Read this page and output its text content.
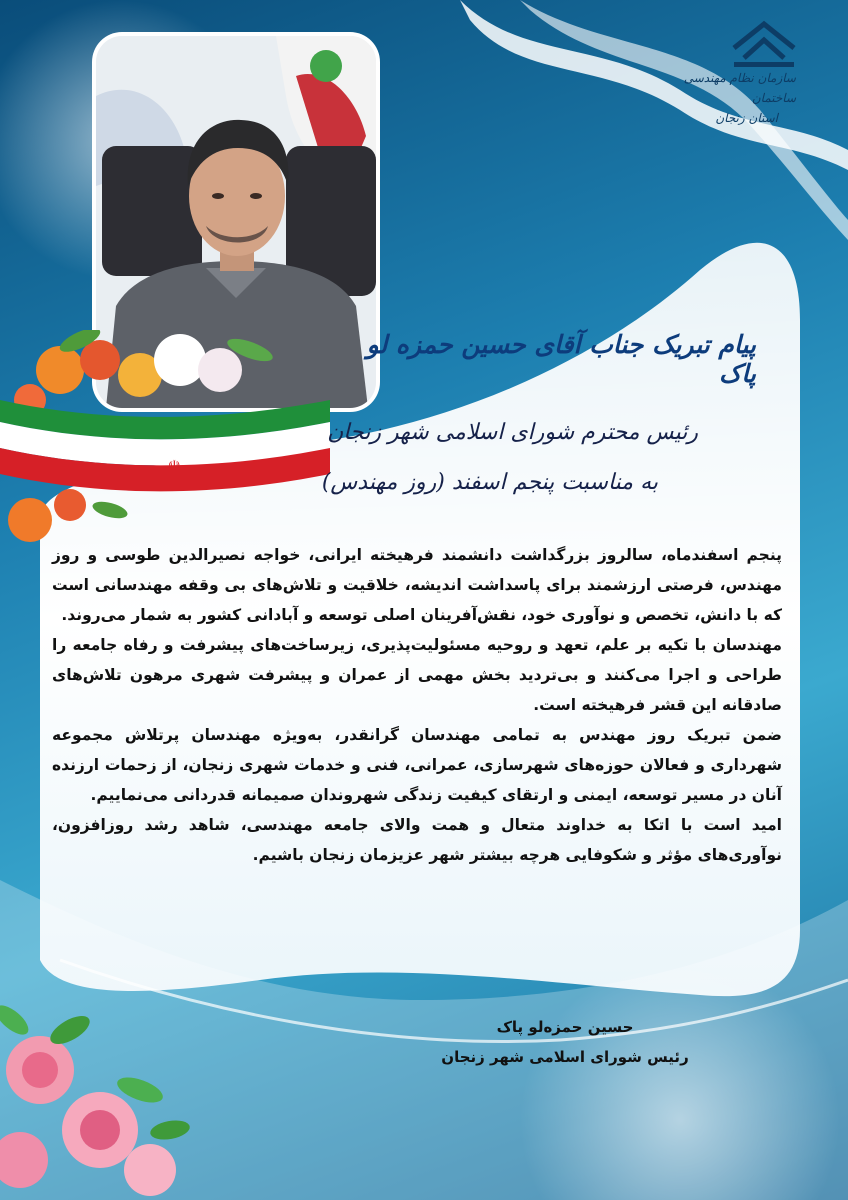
☫
سازمان نظام مهندسی ساختمان
استان زنجان
پیام تبریک جناب آقای حسین حمزه لو پاک
رئیس محترم شورای اسلامی شهر زنجان
به مناسبت پنجم اسفند (روز مهندس)

پنجم اسفندماه، سالروز بزرگداشت دانشمند فرهیخته ایرانی، خواجه نصیرالدین طوسی و روز مهندس، فرصتی ارزشمند برای پاسداشت اندیشه، خلاقیت و تلاش‌های بی وقفه مهندسانی است که با دانش، تخصص و نوآوری خود، نقش‌آفرینان اصلی توسعه و آبادانی کشور به شمار می‌روند.

مهندسان با تکیه بر علم، تعهد و روحیه مسئولیت‌پذیری، زیرساخت‌های پیشرفت و رفاه جامعه را طراحی و اجرا می‌کنند و بی‌تردید بخش مهمی از عمران و پیشرفت شهری مرهون تلاش‌های صادقانه این قشر فرهیخته است.

ضمن تبریک روز مهندس به تمامی مهندسان گرانقدر، به‌ویژه مهندسان پرتلاش مجموعه شهرداری و فعالان حوزه‌های شهرسازی، عمرانی، فنی و خدمات شهری زنجان، از زحمات ارزنده آنان در مسیر توسعه، ایمنی و ارتقای کیفیت زندگی شهروندان صمیمانه قدردانی می‌نماییم.

امید است با اتکا به خداوند متعال و همت والای جامعه مهندسی، شاهد رشد روزافزون، نوآوری‌های مؤثر و شکوفایی هرچه بیشتر شهر عزیزمان زنجان باشیم.

حسین حمزه‌لو پاک
رئیس شورای اسلامی شهر زنجان
